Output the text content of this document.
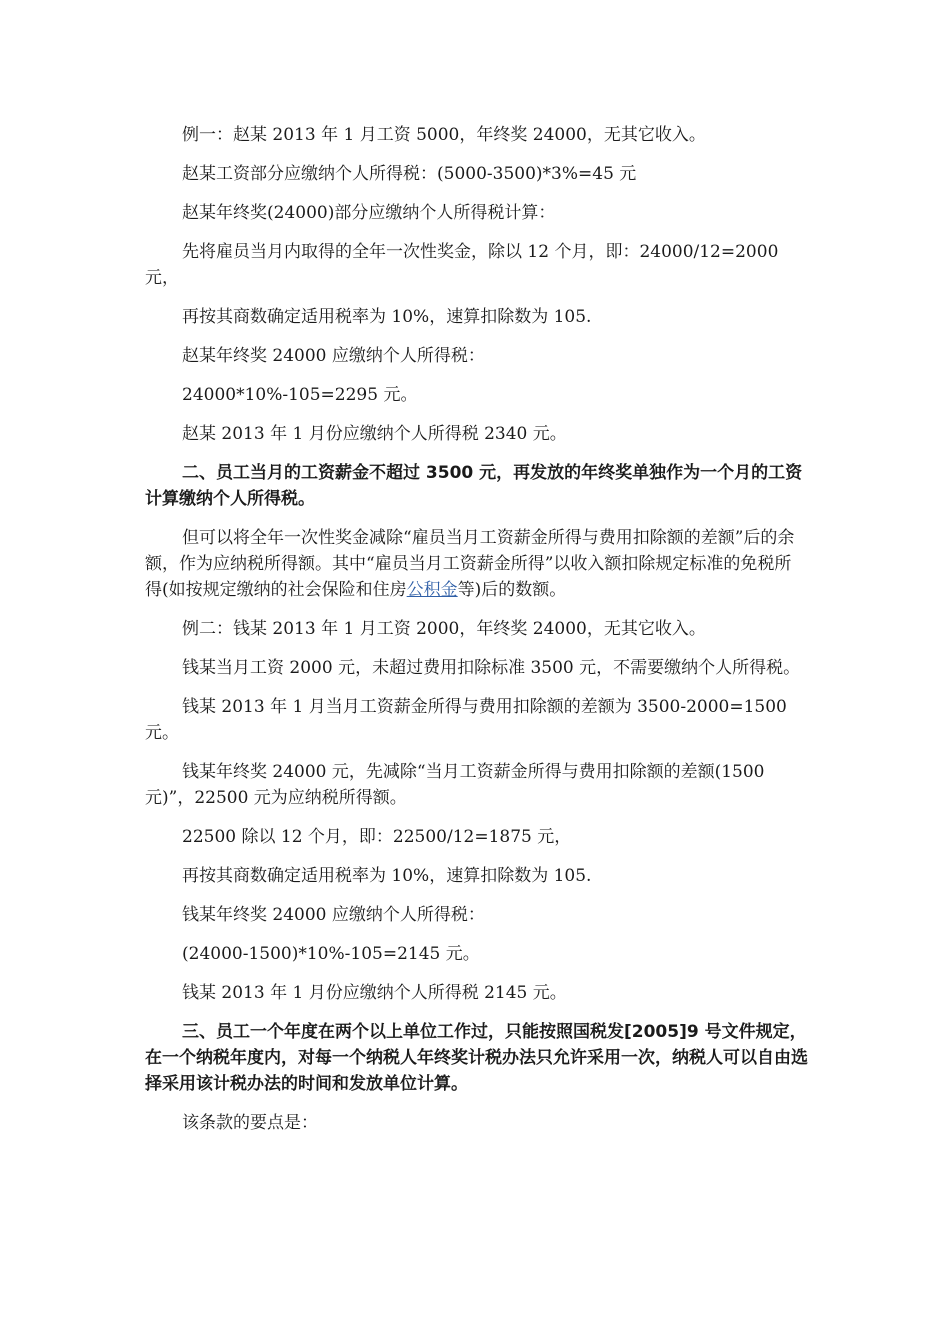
例一：赵某 2013 年 1 月工资 5000，年终奖 24000，无其它收入。

赵某工资部分应缴纳个人所得税：(5000-3500)*3%=45 元

赵某年终奖(24000)部分应缴纳个人所得税计算：

先将雇员当月内取得的全年一次性奖金，除以 12 个月，即：24000/12=2000 元，

再按其商数确定适用税率为 10%，速算扣除数为 105.

赵某年终奖 24000 应缴纳个人所得税：

24000*10%-105=2295 元。

赵某 2013 年 1 月份应缴纳个人所得税 2340 元。

二、员工当月的工资薪金不超过 3500 元，再发放的年终奖单独作为一个月的工资计算缴纳个人所得税。

但可以将全年一次性奖金减除“雇员当月工资薪金所得与费用扣除额的差额”后的余额，作为应纳税所得额。其中“雇员当月工资薪金所得”以收入额扣除规定标准的免税所得(如按规定缴纳的社会保险和住房公积金等)后的数额。

例二：钱某 2013 年 1 月工资 2000，年终奖 24000，无其它收入。

钱某当月工资 2000 元，未超过费用扣除标准 3500 元，不需要缴纳个人所得税。

钱某 2013 年 1 月当月工资薪金所得与费用扣除额的差额为 3500-2000=1500 元。

钱某年终奖 24000 元，先减除“当月工资薪金所得与费用扣除额的差额(1500 元)”，22500 元为应纳税所得额。

22500 除以 12 个月，即：22500/12=1875 元，

再按其商数确定适用税率为 10%，速算扣除数为 105.

钱某年终奖 24000 应缴纳个人所得税：

(24000-1500)*10%-105=2145 元。

钱某 2013 年 1 月份应缴纳个人所得税 2145 元。

三、员工一个年度在两个以上单位工作过，只能按照国税发[2005]9 号文件规定，在一个纳税年度内，对每一个纳税人年终奖计税办法只允许采用一次，纳税人可以自由选择采用该计税办法的时间和发放单位计算。

该条款的要点是：
